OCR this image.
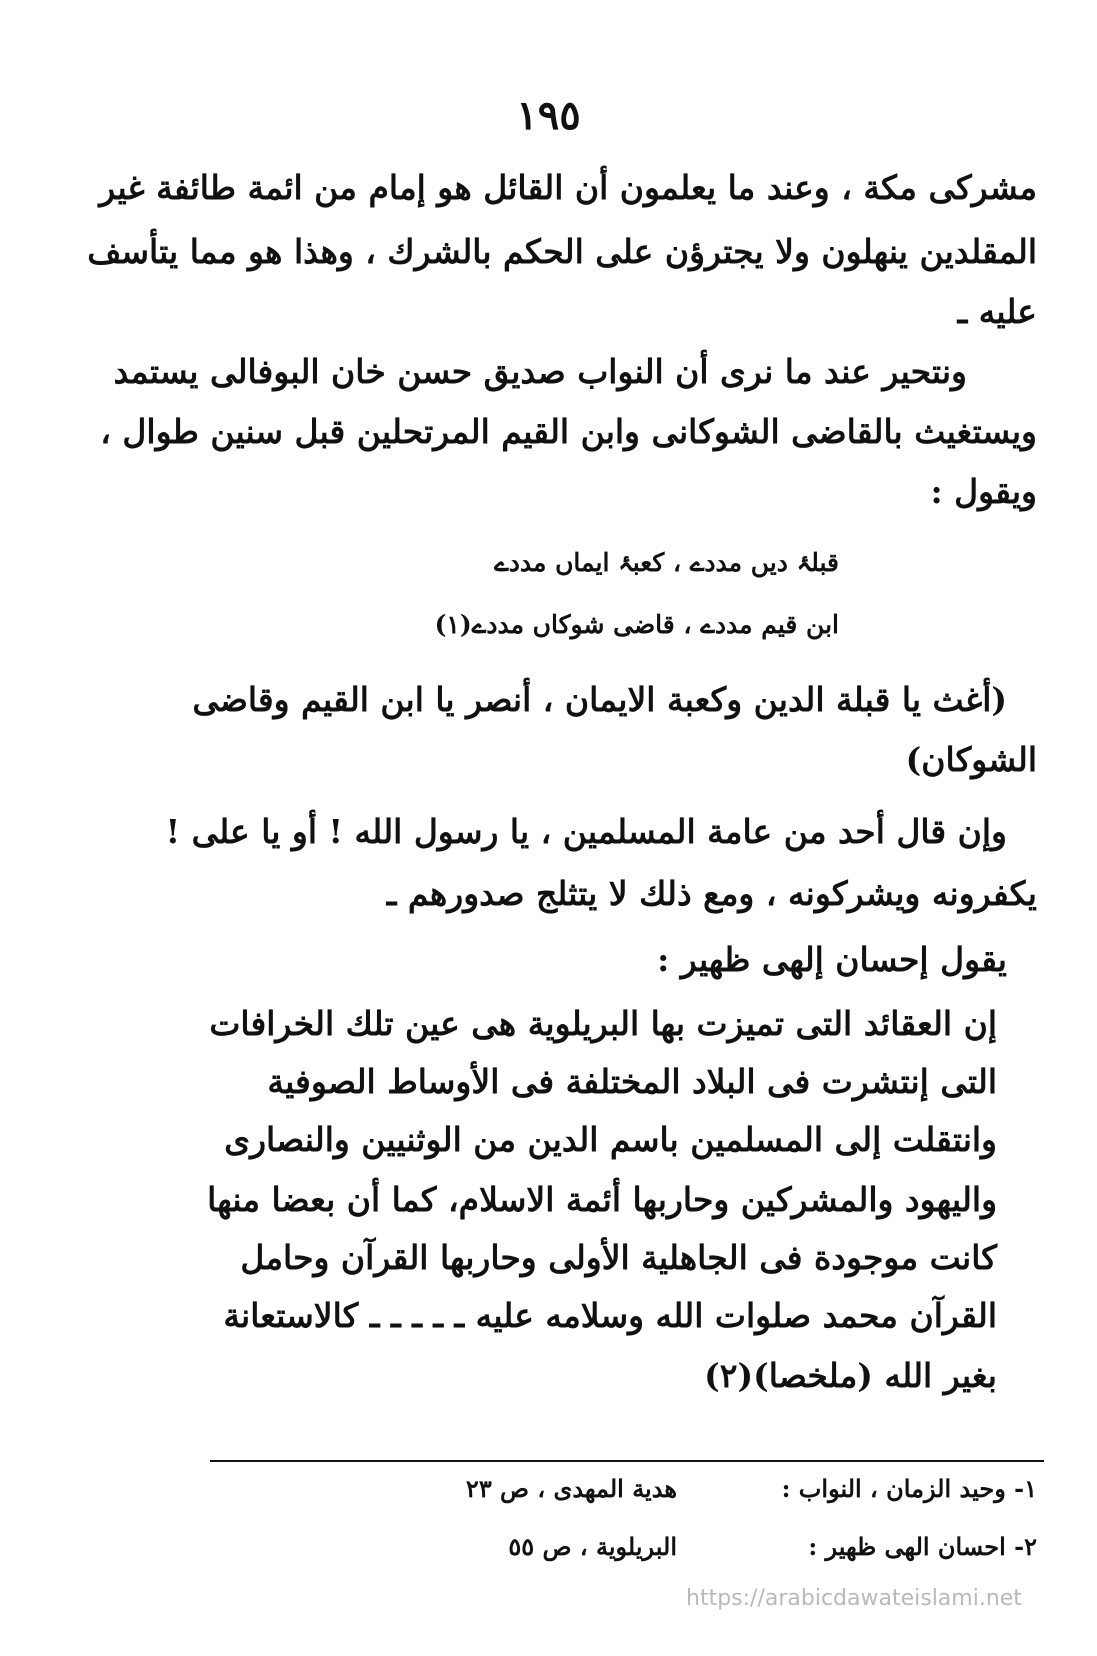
١٩٥

مشركى مكة ، وعند ما يعلمون أن القائل هو إمام من ائمة طائفة غير

المقلدين ينهلون ولا يجترؤن على الحكم بالشرك ، وهذا هو مما يتأسف

عليه ـ

ونتحير عند ما نرى أن النواب صديق حسن خان البوفالى يستمد

ويستغيث بالقاضى الشوكانى وابن القيم المرتحلين قبل سنين طوال ،

ويقول :

قبلۂ دیں مددے ، کعبۂ ایماں مددے

ابن قیم مددے ، قاضی شوکاں مددے(١)

(أغث يا قبلة الدين وكعبة الايمان ، أنصر يا ابن القيم وقاضى

الشوكان)

وإن قال أحد من عامة المسلمين ، يا رسول الله ! أو يا على !

يكفرونه ويشركونه ، ومع ذلك لا يتثلج صدورهم ـ

يقول إحسان إلهى ظهير :

إن العقائد التى تميزت بها البريلوية هى عين تلك الخرافات

التى إنتشرت فى البلاد المختلفة فى الأوساط الصوفية

وانتقلت إلى المسلمين باسم الدين من الوثنيين والنصارى

واليهود والمشركين وحاربها أئمة الاسلام، كما أن بعضا منها

كانت موجودة فى الجاهلية الأولى وحاربها القرآن وحامل

القرآن محمد صلوات الله وسلامه عليه ـ ـ ـ ـ ـ كالاستعانة

بغير الله (ملخصا)(٢)

١- وحيد الزمان ، النواب :

هدية المهدى ، ص ٢٣

٢- احسان الهى ظهير :

البريلوية ، ص ٥٥

https://arabicdawateislami.net
